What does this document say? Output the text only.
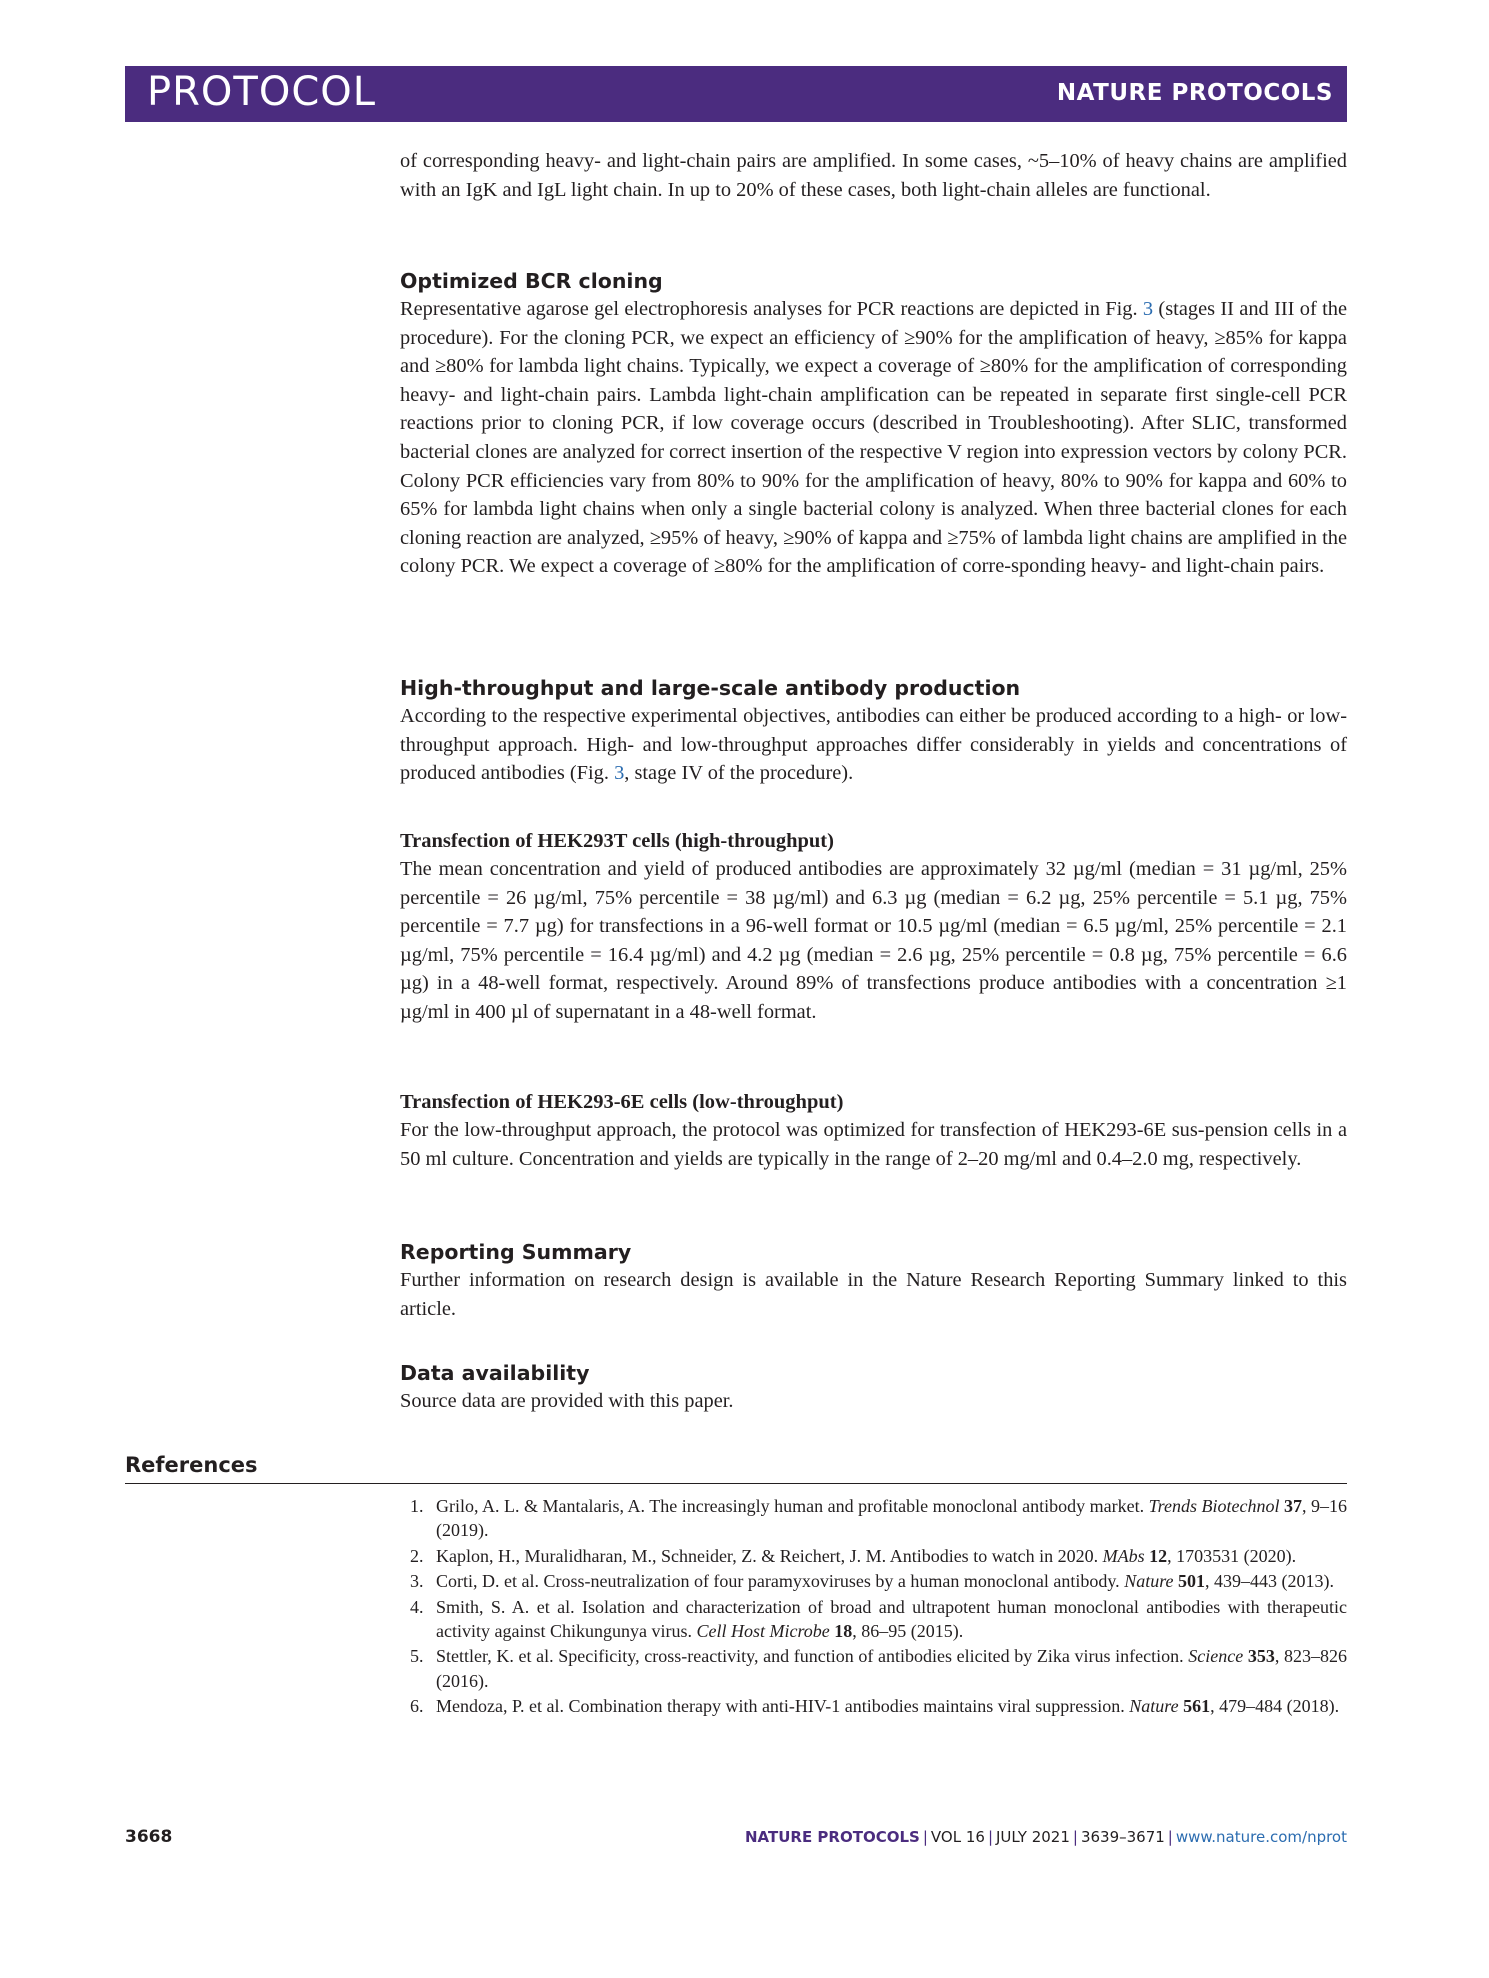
PROTOCOL	NATURE PROTOCOLS

of corresponding heavy- and light-chain pairs are amplified. In some cases, ~5–10% of heavy chains are amplified with an IgK and IgL light chain. In up to 20% of these cases, both light-chain alleles are functional.

Optimized BCR cloning

Representative agarose gel electrophoresis analyses for PCR reactions are depicted in Fig. 3 (stages II and III of the procedure). For the cloning PCR, we expect an efficiency of ≥90% for the amplification of heavy, ≥85% for kappa and ≥80% for lambda light chains. Typically, we expect a coverage of ≥80% for the amplification of corresponding heavy- and light-chain pairs. Lambda light-chain amplification can be repeated in separate first single-cell PCR reactions prior to cloning PCR, if low coverage occurs (described in Troubleshooting). After SLIC, transformed bacterial clones are analyzed for correct insertion of the respective V region into expression vectors by colony PCR. Colony PCR efficiencies vary from 80% to 90% for the amplification of heavy, 80% to 90% for kappa and 60% to 65% for lambda light chains when only a single bacterial colony is analyzed. When three bacterial clones for each cloning reaction are analyzed, ≥95% of heavy, ≥90% of kappa and ≥75% of lambda light chains are amplified in the colony PCR. We expect a coverage of ≥80% for the amplification of corre-sponding heavy- and light-chain pairs.

High-throughput and large-scale antibody production

According to the respective experimental objectives, antibodies can either be produced according to a high- or low-throughput approach. High- and low-throughput approaches differ considerably in yields and concentrations of produced antibodies (Fig. 3, stage IV of the procedure).

Transfection of HEK293T cells (high-throughput)

The mean concentration and yield of produced antibodies are approximately 32 µg/ml (median = 31 µg/ml, 25% percentile = 26 µg/ml, 75% percentile = 38 µg/ml) and 6.3 µg (median = 6.2 µg, 25% percentile = 5.1 µg, 75% percentile = 7.7 µg) for transfections in a 96-well format or 10.5 µg/ml (median = 6.5 µg/ml, 25% percentile = 2.1 µg/ml, 75% percentile = 16.4 µg/ml) and 4.2 µg (median = 2.6 µg, 25% percentile = 0.8 µg, 75% percentile = 6.6 µg) in a 48-well format, respectively. Around 89% of transfections produce antibodies with a concentration ≥1 µg/ml in 400 µl of supernatant in a 48-well format.

Transfection of HEK293-6E cells (low-throughput)

For the low-throughput approach, the protocol was optimized for transfection of HEK293-6E sus-pension cells in a 50 ml culture. Concentration and yields are typically in the range of 2–20 mg/ml and 0.4–2.0 mg, respectively.

Reporting Summary

Further information on research design is available in the Nature Research Reporting Summary linked to this article.

Data availability

Source data are provided with this paper.

References
1. Grilo, A. L. & Mantalaris, A. The increasingly human and profitable monoclonal antibody market. Trends Biotechnol 37, 9–16 (2019).
2. Kaplon, H., Muralidharan, M., Schneider, Z. & Reichert, J. M. Antibodies to watch in 2020. MAbs 12, 1703531 (2020).
3. Corti, D. et al. Cross-neutralization of four paramyxoviruses by a human monoclonal antibody. Nature 501, 439–443 (2013).
4. Smith, S. A. et al. Isolation and characterization of broad and ultrapotent human monoclonal antibodies with therapeutic activity against Chikungunya virus. Cell Host Microbe 18, 86–95 (2015).
5. Stettler, K. et al. Specificity, cross-reactivity, and function of antibodies elicited by Zika virus infection. Science 353, 823–826 (2016).
6. Mendoza, P. et al. Combination therapy with anti-HIV-1 antibodies maintains viral suppression. Nature 561, 479–484 (2018).
3668	NATURE PROTOCOLS | VOL 16 | JULY 2021 | 3639–3671 | www.nature.com/nprot
